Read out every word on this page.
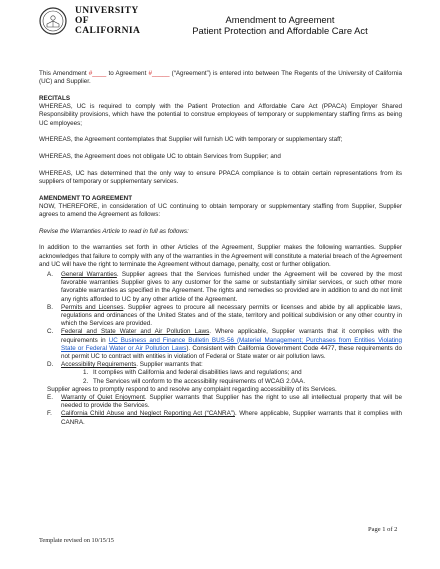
UNIVERSITY
OF
CALIFORNIA
Amendment to Agreement
Patient Protection and Affordable Care Act

This Amendment #____ to Agreement #_____ (“Agreement”) is entered into between The Regents of the University of California (UC) and Supplier.

RECITALS

WHEREAS, UC is required to comply with the Patient Protection and Affordable Care Act (PPACA) Employer Shared Responsibility provisions, which have the potential to construe employees of temporary or supplementary staffing firms as being UC employees;

WHEREAS, the Agreement contemplates that Supplier will furnish UC with temporary or supplementary staff;

WHEREAS, the Agreement does not obligate UC to obtain Services from Supplier; and

WHEREAS, UC has determined that the only way to ensure PPACA compliance is to obtain certain representations from its suppliers of temporary or supplementary services.

AMENDMENT TO AGREEMENT

NOW, THEREFORE, in consideration of UC continuing to obtain temporary or supplementary staffing from Supplier, Supplier agrees to amend the Agreement as follows:

Revise the Warranties Article to read in full as follows:

In addition to the warranties set forth in other Articles of the Agreement, Supplier makes the following warranties. Supplier acknowledges that failure to comply with any of the warranties in the Agreement will constitute a material breach of the Agreement and UC will have the right to terminate the Agreement without damage, penalty, cost or further obligation.

A. General Warranties. Supplier agrees that the Services furnished under the Agreement will be covered by the most favorable warranties Supplier gives to any customer for the same or substantially similar services, or such other more favorable warranties as specified in the Agreement. The rights and remedies so provided are in addition to and do not limit any rights afforded to UC by any other article of the Agreement.
B. Permits and Licenses. Supplier agrees to procure all necessary permits or licenses and abide by all applicable laws, regulations and ordinances of the United States and of the state, territory and political subdivision or any other country in which the Services are provided.
C. Federal and State Water and Air Pollution Laws. Where applicable, Supplier warrants that it complies with the requirements in UC Business and Finance Bulletin BUS-56 (Materiel Management; Purchases from Entities Violating State or Federal Water or Air Pollution Laws). Consistent with California Government Code 4477, these requirements do not permit UC to contract with entities in violation of Federal or State water or air pollution laws.
D. Accessibility Requirements. Supplier warrants that:
1. It complies with California and federal disabilities laws and regulations; and
2. The Services will conform to the accessibility requirements of WCAG 2.0AA.

Supplier agrees to promptly respond to and resolve any complaint regarding accessibility of its Services.

E. Warranty of Quiet Enjoyment. Supplier warrants that Supplier has the right to use all intellectual property that will be needed to provide the Services.
F. California Child Abuse and Neglect Reporting Act (“CANRA”). Where applicable, Supplier warrants that it complies with CANRA.
Page 1 of 2
Template revised on 10/15/15
